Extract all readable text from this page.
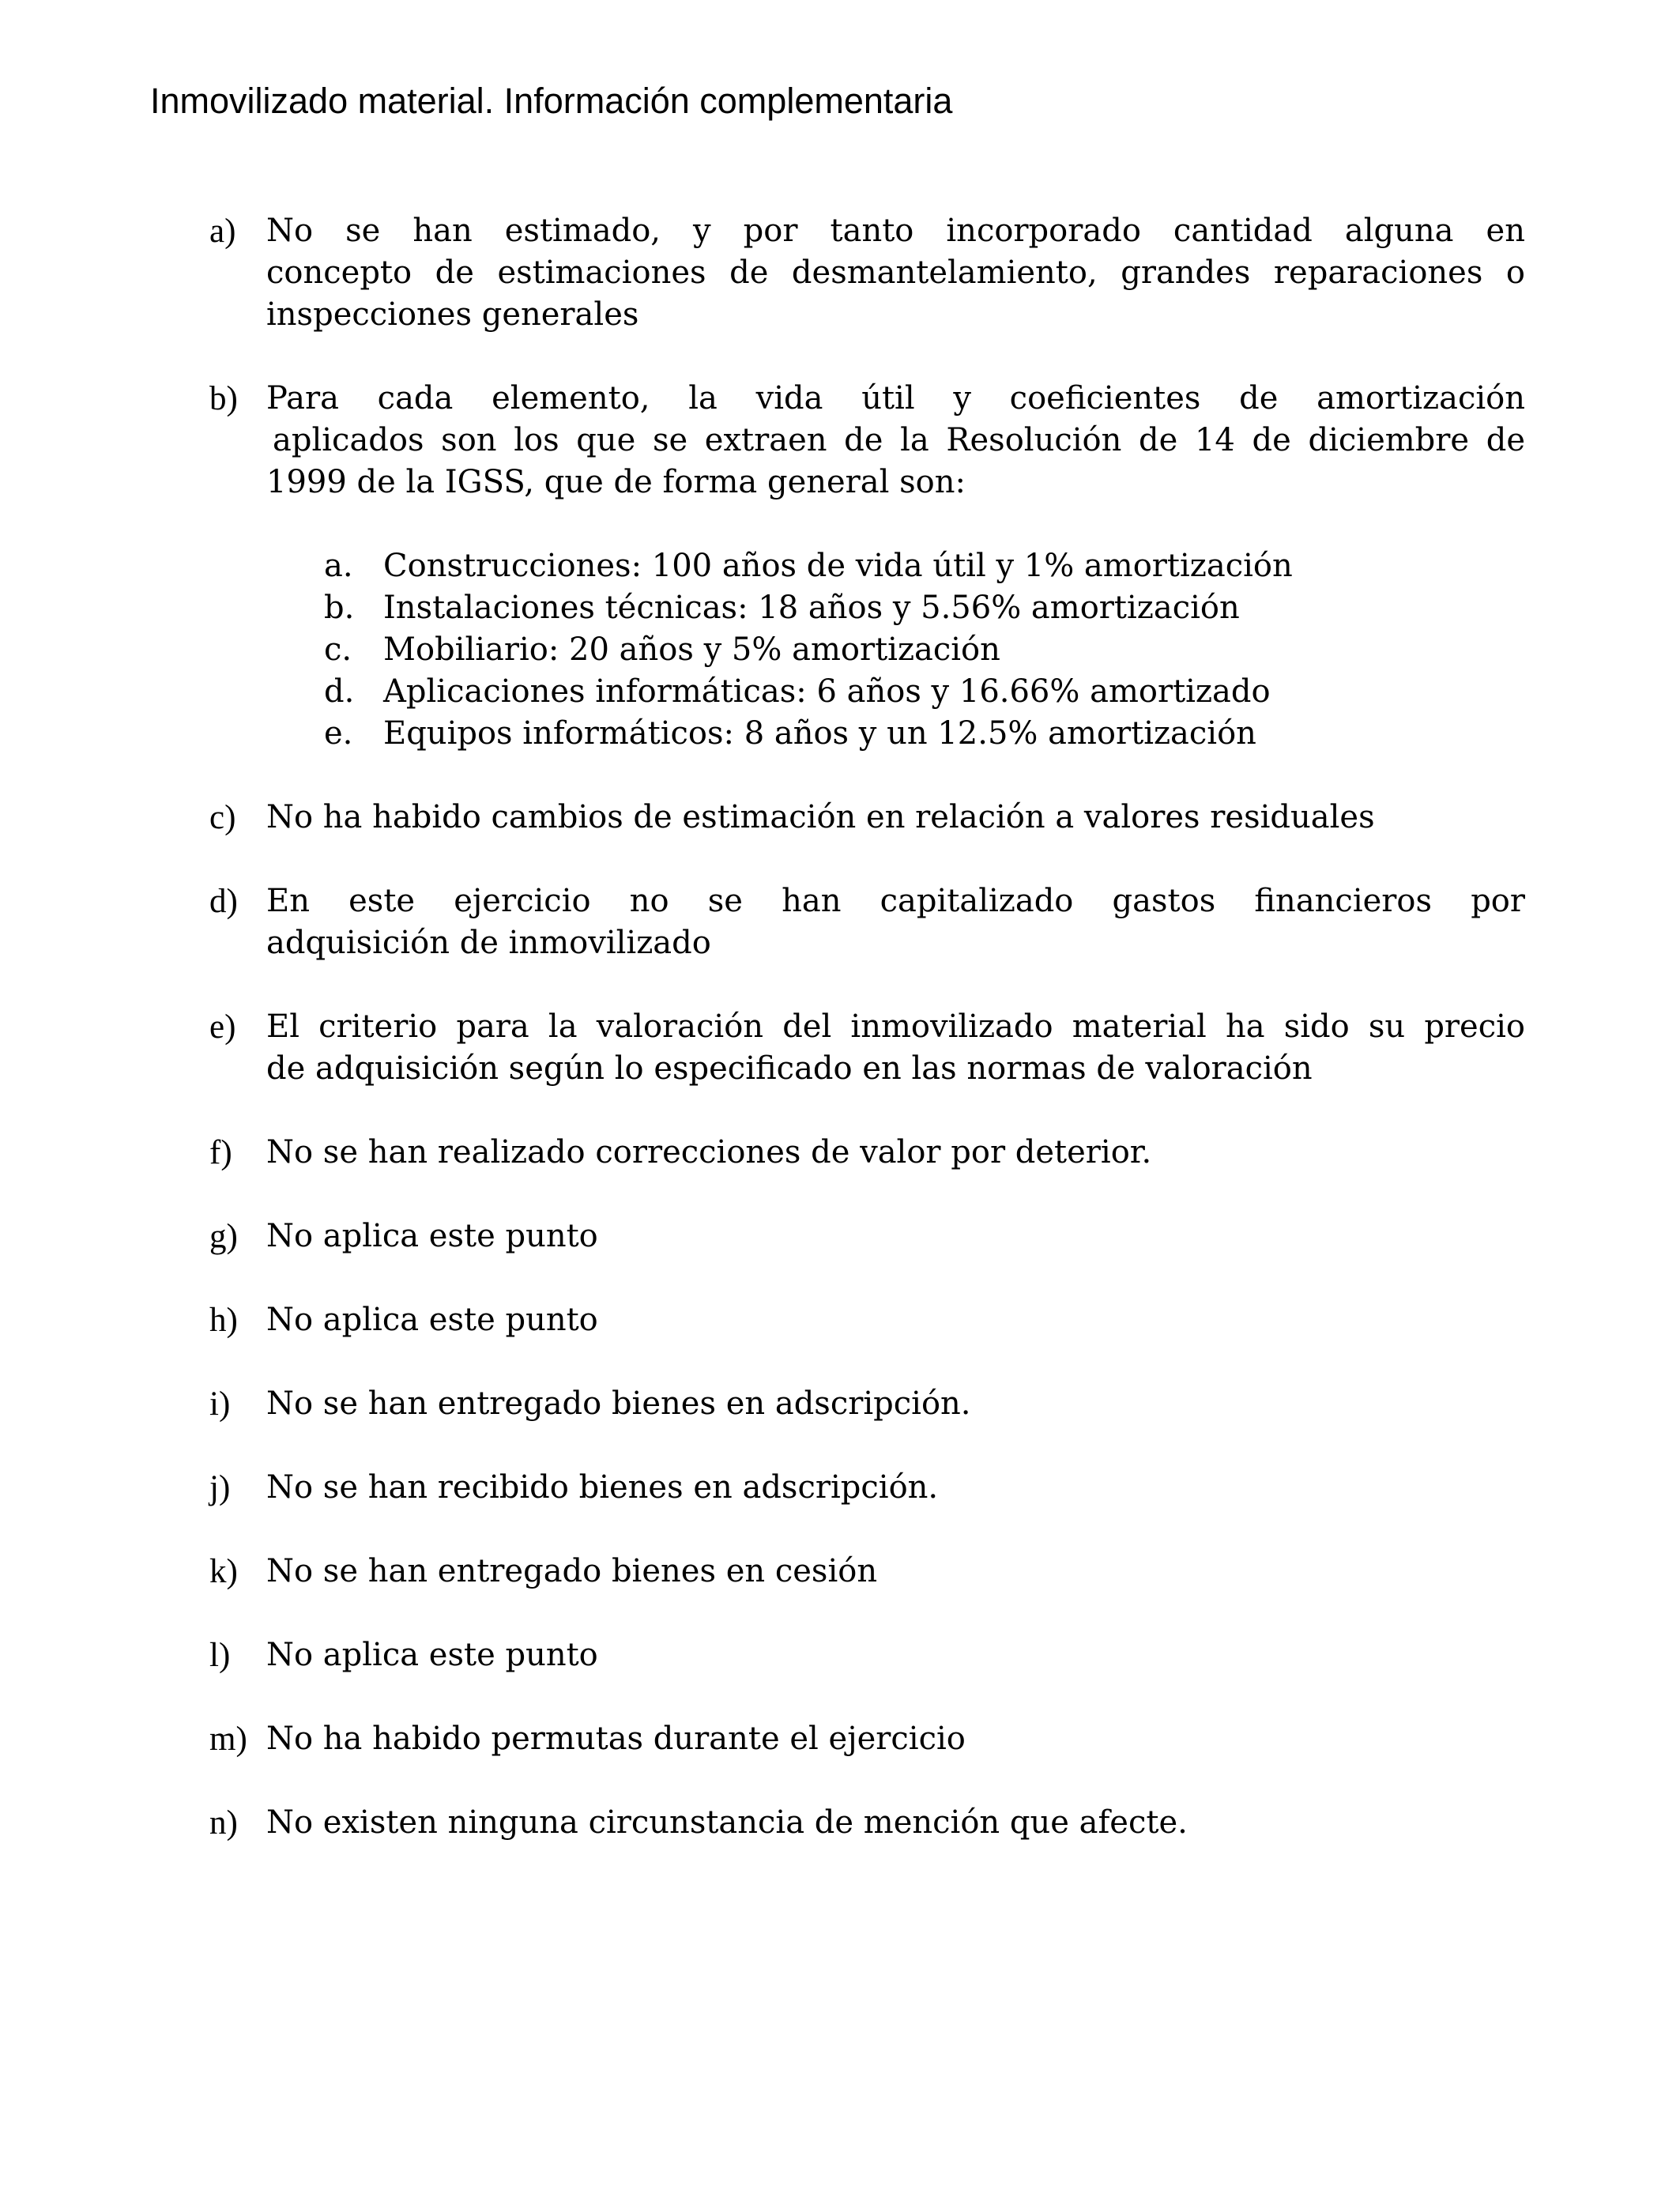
Inmovilizado material. Información complementaria
a) No se han estimado, y por tanto incorporado cantidad alguna en
concepto de estimaciones de desmantelamiento, grandes reparaciones o
inspecciones generales
b) Para cada elemento, la vida útil y coeficientes de amortización
aplicados son los que se extraen de la Resolución de 14 de diciembre de
1999 de la IGSS, que de forma general son:
a. Construcciones: 100 años de vida útil y 1% amortización
b. Instalaciones técnicas: 18 años y 5.56% amortización
c. Mobiliario: 20 años y 5% amortización
d. Aplicaciones informáticas: 6 años y 16.66% amortizado
e. Equipos informáticos: 8 años y un 12.5% amortización
c) No ha habido cambios de estimación en relación a valores residuales
d) En este ejercicio no se han capitalizado gastos financieros por
adquisición de inmovilizado
e) El criterio para la valoración del inmovilizado material ha sido su precio
de adquisición según lo especificado en las normas de valoración
f)	No se han realizado correcciones de valor por deterior.
g) No aplica este punto
h) No aplica este punto
i)	No se han entregado bienes en adscripción.
j)	No se han recibido bienes en adscripción.
k) No se han entregado bienes en cesión
l)	No aplica este punto
m) No ha habido permutas durante el ejercicio
n) No existen ninguna circunstancia de mención que afecte.
